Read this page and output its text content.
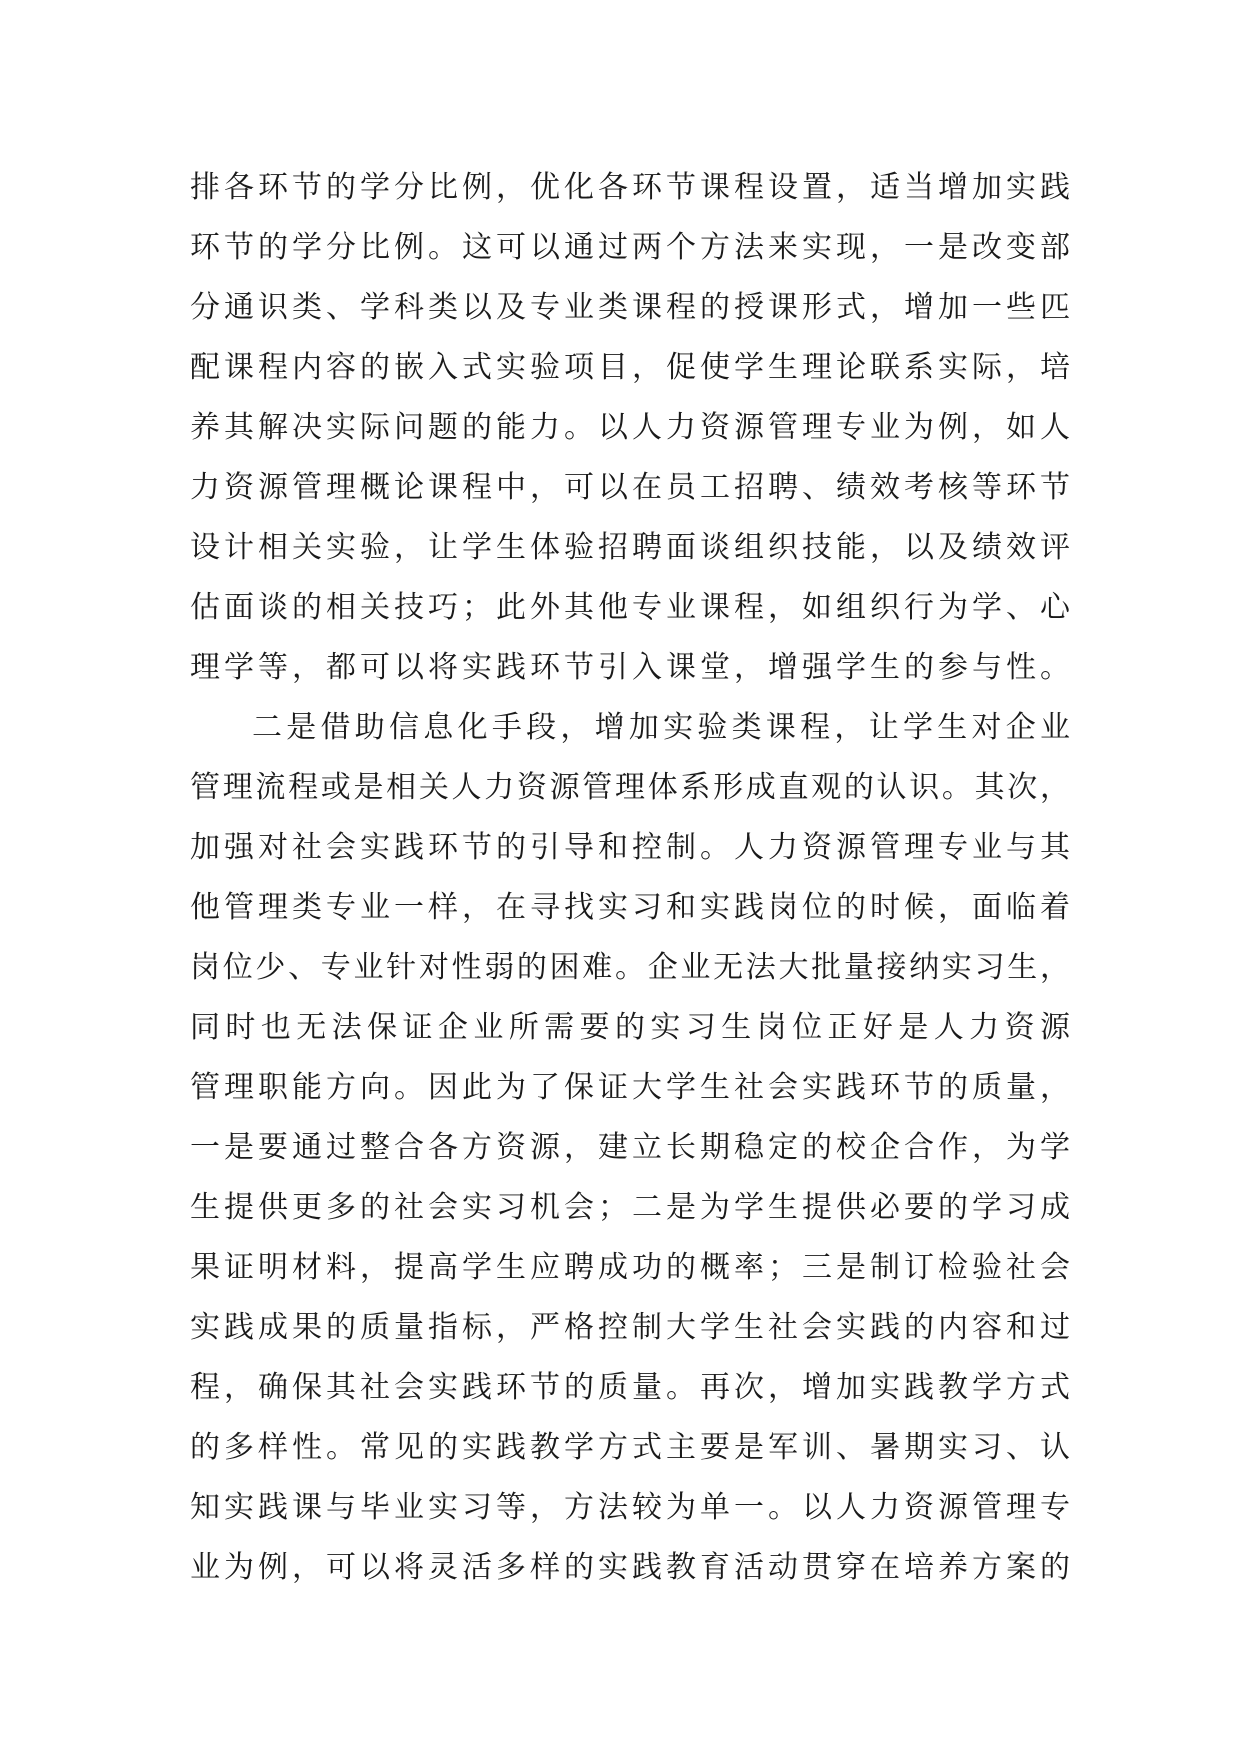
排各环节的学分比例，优化各环节课程设置，适当增加实践
环节的学分比例。这可以通过两个方法来实现，一是改变部
分通识类、学科类以及专业类课程的授课形式，增加一些匹
配课程内容的嵌入式实验项目，促使学生理论联系实际，培
养其解决实际问题的能力。以人力资源管理专业为例，如人
力资源管理概论课程中，可以在员工招聘、绩效考核等环节
设计相关实验，让学生体验招聘面谈组织技能，以及绩效评
估面谈的相关技巧；此外其他专业课程，如组织行为学、心
理学等，都可以将实践环节引入课堂，增强学生的参与性。
二是借助信息化手段，增加实验类课程，让学生对企业
管理流程或是相关人力资源管理体系形成直观的认识。其次，
加强对社会实践环节的引导和控制。人力资源管理专业与其
他管理类专业一样，在寻找实习和实践岗位的时候，面临着
岗位少、专业针对性弱的困难。企业无法大批量接纳实习生，
同时也无法保证企业所需要的实习生岗位正好是人力资源
管理职能方向。因此为了保证大学生社会实践环节的质量，
一是要通过整合各方资源，建立长期稳定的校企合作，为学
生提供更多的社会实习机会；二是为学生提供必要的学习成
果证明材料，提高学生应聘成功的概率；三是制订检验社会
实践成果的质量指标，严格控制大学生社会实践的内容和过
程，确保其社会实践环节的质量。再次，增加实践教学方式
的多样性。常见的实践教学方式主要是军训、暑期实习、认
知实践课与毕业实习等，方法较为单一。以人力资源管理专
业为例，可以将灵活多样的实践教育活动贯穿在培养方案的
